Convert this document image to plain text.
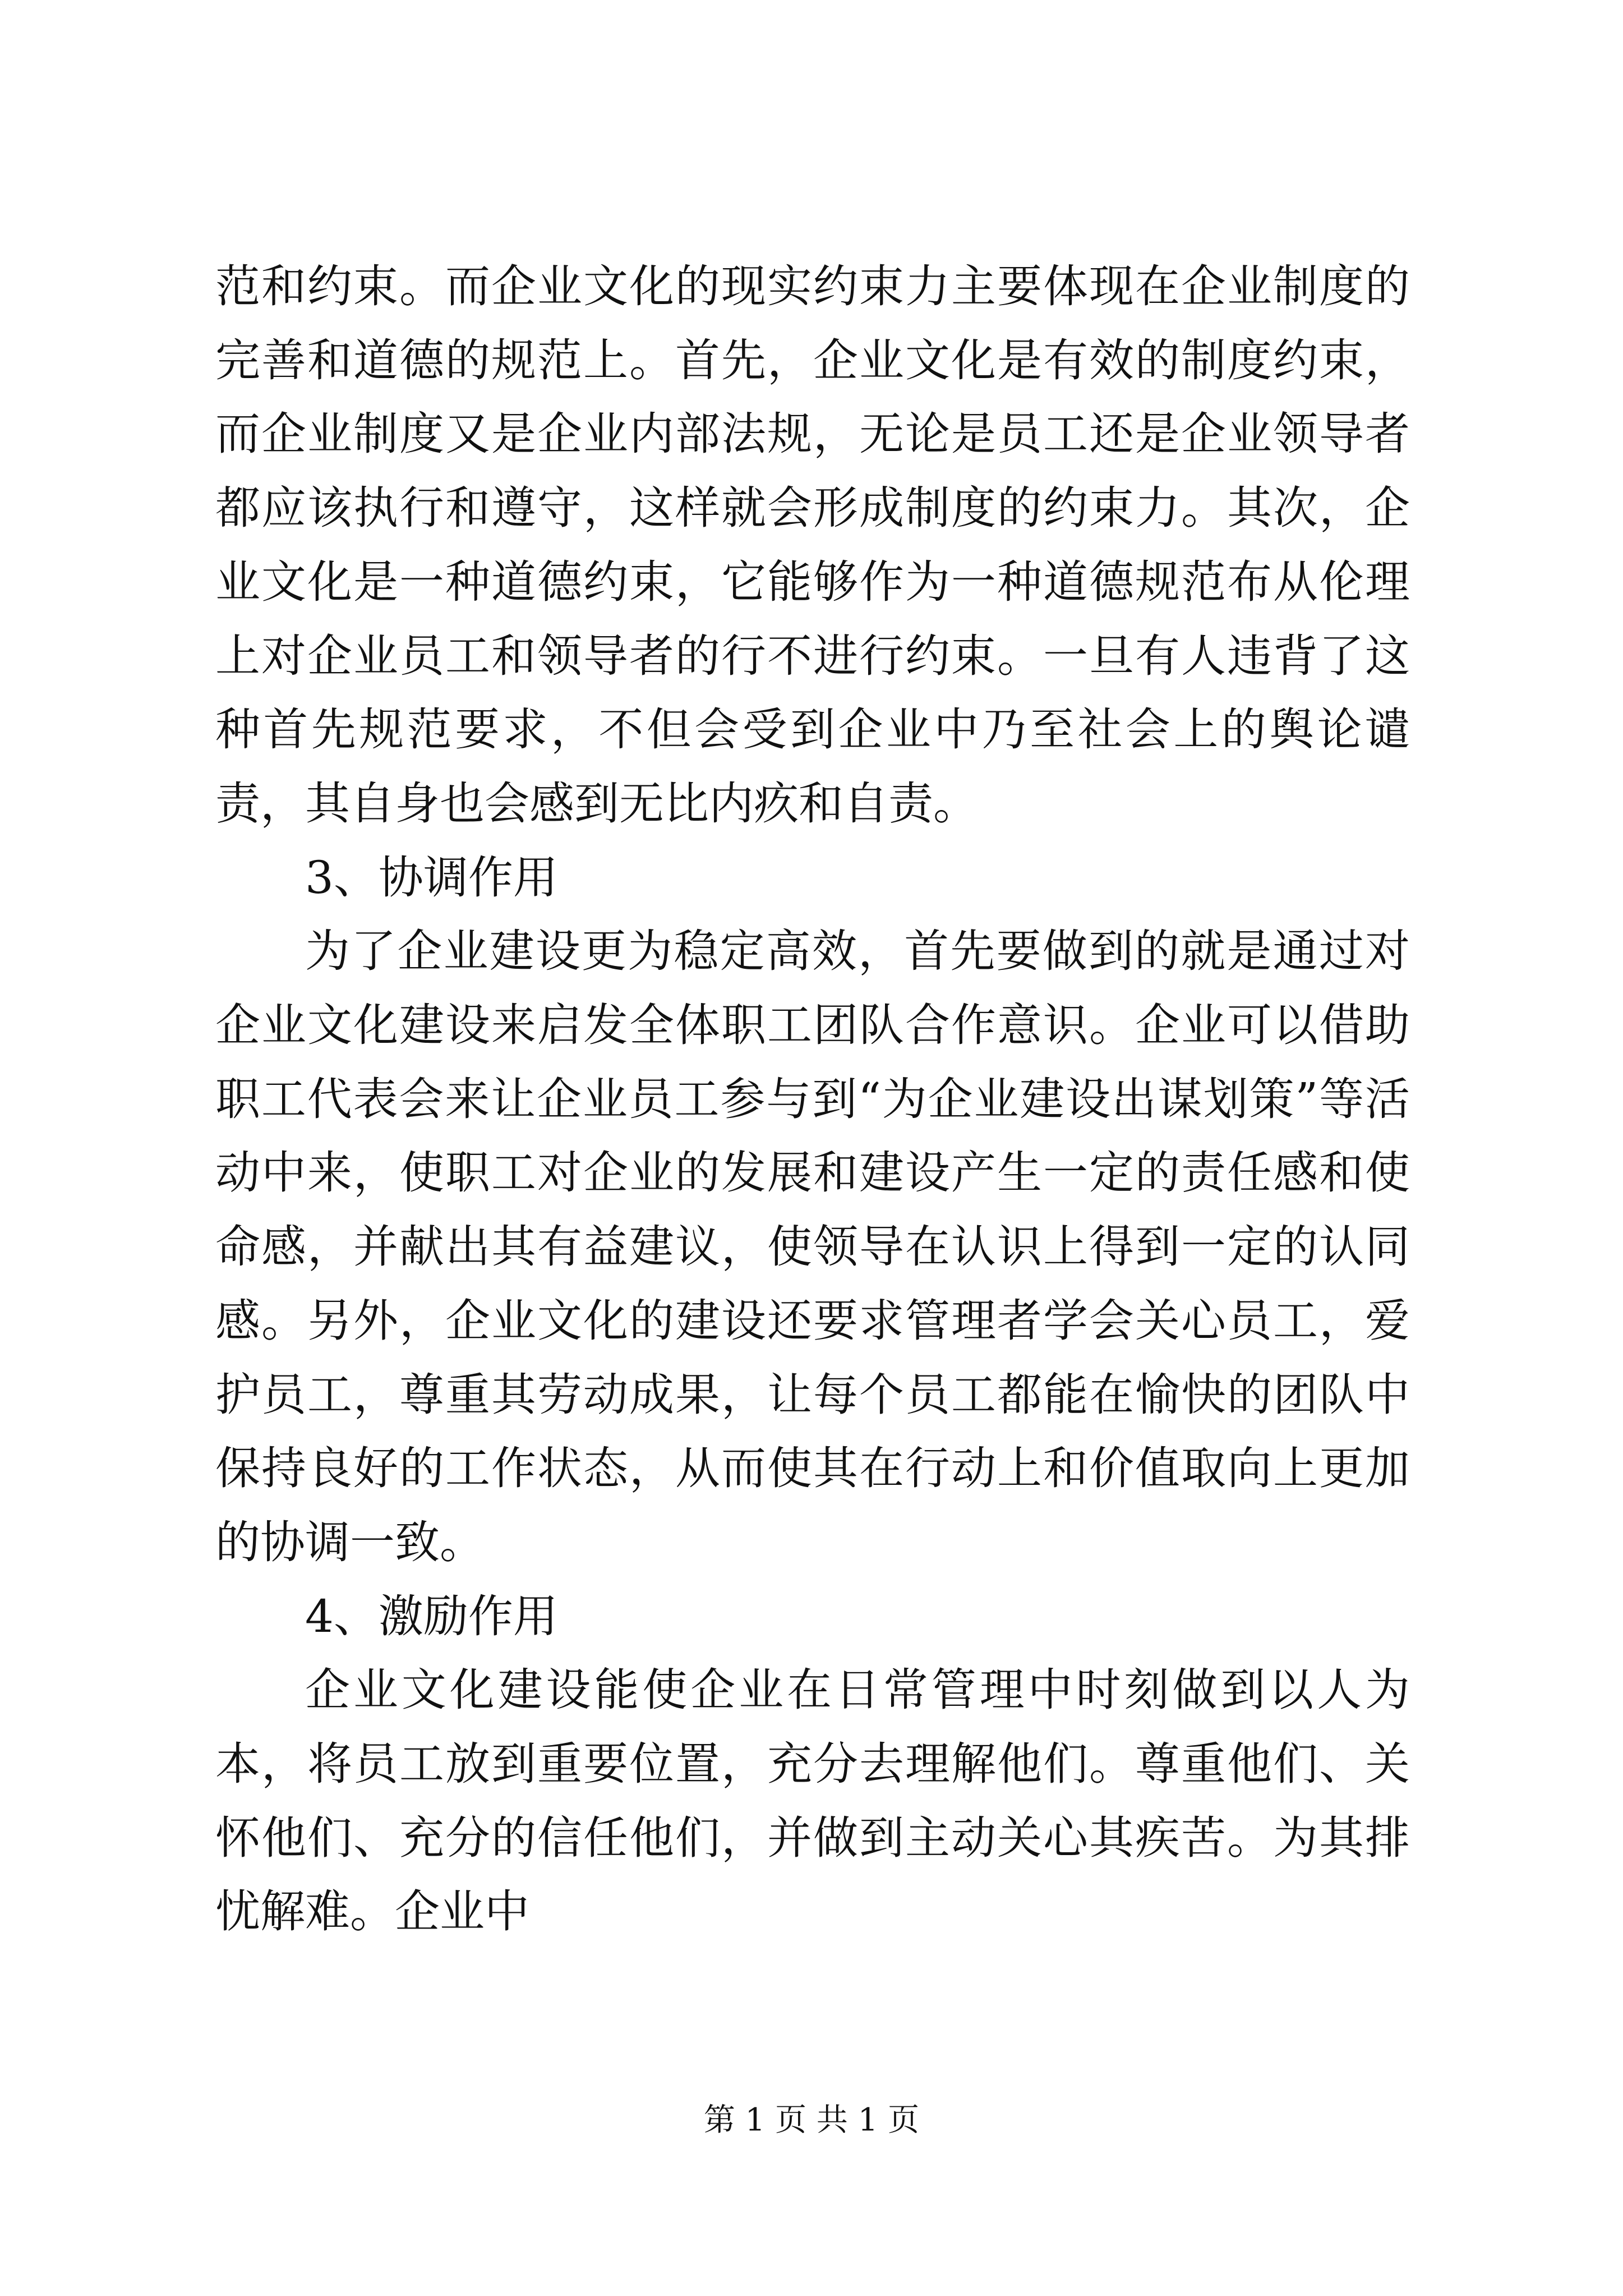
范和约束。而企业文化的现实约束力主要体现在企业制度的完善和道德的规范上。首先，企业文化是有效的制度约束，而企业制度又是企业内部法规，无论是员工还是企业领导者都应该执行和遵守，这样就会形成制度的约束力。其次，企业文化是一种道德约束，它能够作为一种道德规范布从伦理上对企业员工和领导者的行不进行约束。一旦有人违背了这种首先规范要求，不但会受到企业中乃至社会上的舆论谴责，其自身也会感到无比内疚和自责。

3、协调作用

为了企业建设更为稳定高效，首先要做到的就是通过对企业文化建设来启发全体职工团队合作意识。企业可以借助职工代表会来让企业员工参与到“为企业建设出谋划策”等活动中来，使职工对企业的发展和建设产生一定的责任感和使命感，并献出其有益建议，使领导在认识上得到一定的认同感。另外，企业文化的建设还要求管理者学会关心员工，爱护员工，尊重其劳动成果，让每个员工都能在愉快的团队中保持良好的工作状态，从而使其在行动上和价值取向上更加的协调一致。

4、激励作用

企业文化建设能使企业在日常管理中时刻做到以人为本，将员工放到重要位置，充分去理解他们。尊重他们、关怀他们、充分的信任他们，并做到主动关心其疾苦。为其排忧解难。企业中

第 1 页 共 1 页
